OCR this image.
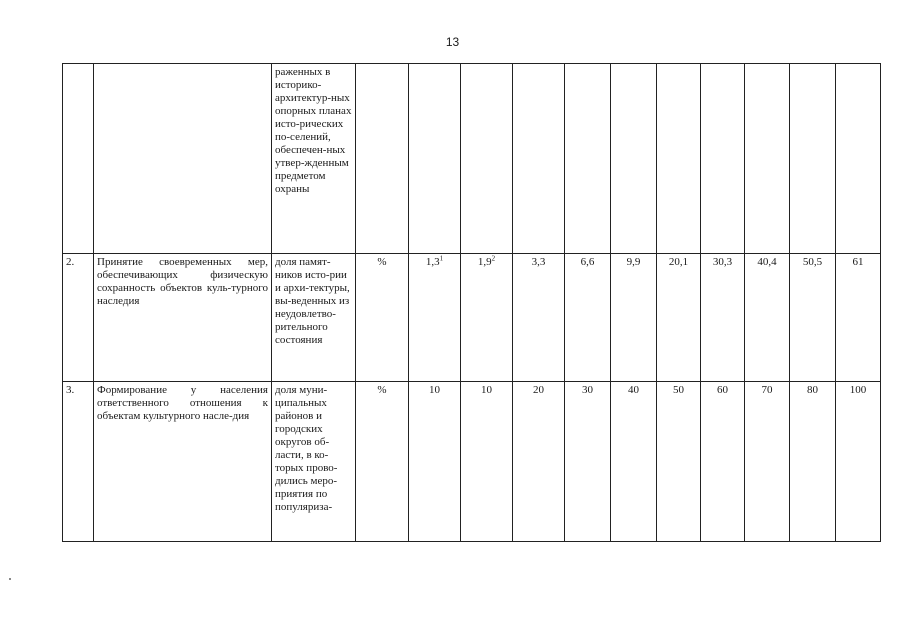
13
		раженных в историко-архитектур-ных опорных планах исто-рических по-селений, обеспечен-ных утвер-жденным предметом охраны											
2.	Принятие своевременных мер, обеспечивающих физическую сохранность объектов куль-турного наследия	доля памят-ников исто-рии и архи-тектуры, вы-веденных из неудовлетво-рительного состояния	%	$1,3^1$	$1,9^2$	3,3	6,6	9,9	20,1	30,3	40,4	50,5	61
3.	Формирование у населения ответственного отношения к объектам культурного насле-дия	доля муни-ципальных районов и городских округов об-ласти, в ко-торых прово-дились меро-приятия по популяриза-	%	10	10	20	30	40	50	60	70	80	100
